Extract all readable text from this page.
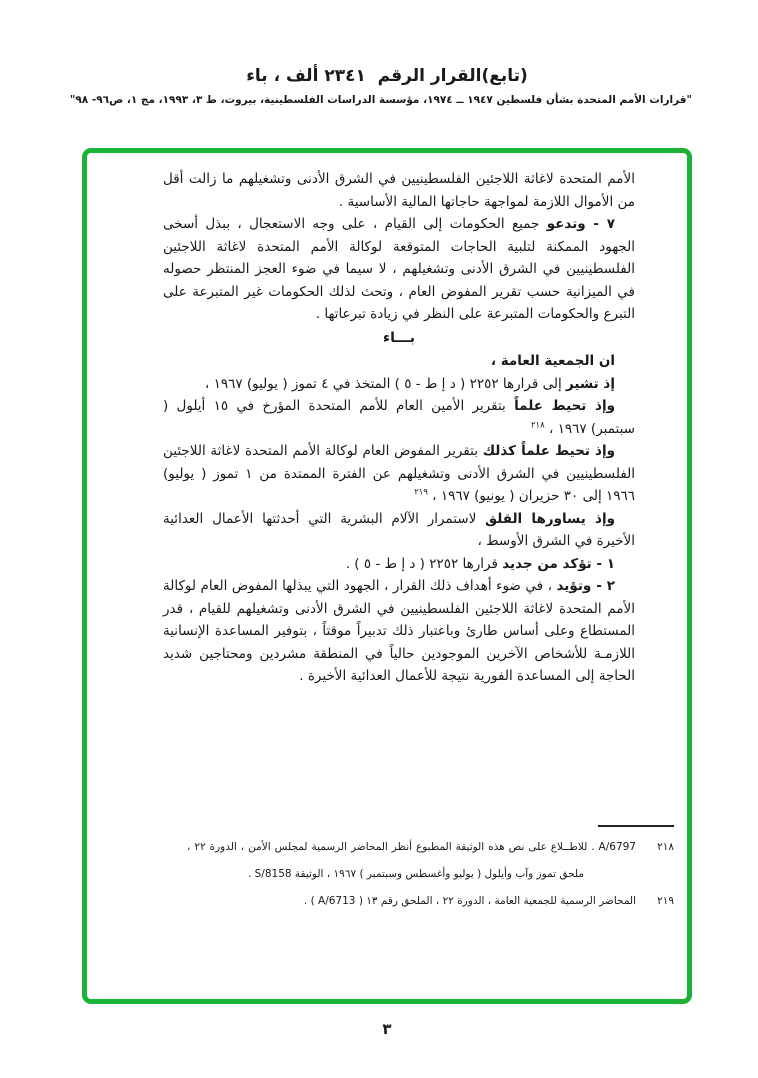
(تابع)القرار الرقم  ٢٣٤١ ألف ، باء
"قرارات الأمم المتحدة بشأن فلسطين ١٩٤٧ ــ ١٩٧٤، مؤسسة الدراسات الفلسطينية، بيروت، ط ٣، ١٩٩٣، مج ١، ص٩٦- ٩٨"

الأمم المتحدة لاغاثة اللاجئين الفلسطينيين في الشرق الأدنى وتشغيلهم ما زالت أقل من الأموال اللازمة لمواجهة حاجاتها المالية الأساسية .

٧ - وتدعو جميع الحكومات إلى القيام ، على وجه الاستعجال ، ببذل أسخى الجهود الممكنة لتلبية الحاجات المتوقعة لوكالة الأمم المتحدة لاغاثة اللاجئين الفلسطينيين في الشرق الأدنى وتشغيلهم ، لا سيما في ضوء العجز المنتظر حصوله في الميزانية حسب تقرير المفوض العام ، وتحث لذلك الحكومات غير المتبرعة على التبرع والحكومات المتبرعة على النظر في زيادة تبرعاتها .

بـــاء

ان الجمعية العامة ،

إذ تشير إلى قرارها ٢٢٥٢ ( د إ ط - ٥ ) المتخذ في ٤ تموز ( يوليو) ١٩٦٧ ،

وإذ تحيط علماً بتقرير الأمين العام للأمم المتحدة المؤرخ في ١٥ أيلول ( سبتمبر) ١٩٦٧ ، $^{٢١٨}$

وإذ تحيط علماً كذلك بتقرير المفوض العام لوكالة الأمم المتحدة لاغاثة اللاجئين الفلسطينيين في الشرق الأدنى وتشغيلهم عن الفترة الممتدة من ١ تموز ( يوليو) ١٩٦٦ إلى ٣٠ حزيران ( يونيو) ١٩٦٧ ، $^{٢١٩}$

وإذ يساورها القلق لاستمرار الآلام البشرية التي أحدثتها الأعمال العدائية الأخيرة في الشرق الأوسط ،

١ - تؤكد من جديد قرارها ٢٢٥٢ ( د إ ط - ٥ ) .

٢ - وتؤيد ، في ضوء أهداف ذلك القرار ، الجهود التي يبذلها المفوض العام لوكالة الأمم المتحدة لاغاثة اللاجئين الفلسطينيين في الشرق الأدنى وتشغيلهم للقيام ، قدر المستطاع وعلى أساس طارئ وباعتبار ذلك تدبيراً موقتاً ، بتوفير المساعدة الإنسانية اللازمـة للأشخاص الآخرين الموجودين حالياً في المنطقة مشردين ومحتاجين شديد الحاجة إلى المساعدة الفورية نتيجة للأعمال العدائية الأخيرة .

٢١٨
A/6797 . للاطــلاع على نص هذه الوثيقة المطبوع أنظر المحاضر الرسمية لمجلس الأمن ، الدورة ٢٢ ، ملحق تموز وآب وأيلول ( يوليو وأغسطس وسبتمبر ) ١٩٦٧ ، الوثيقة S/8158 .
٢١٩
المحاضر الرسمية للجمعية العامة ، الدورة ٢٢ ، الملحق رقم ١٣ ( A/6713 ) .
٣
